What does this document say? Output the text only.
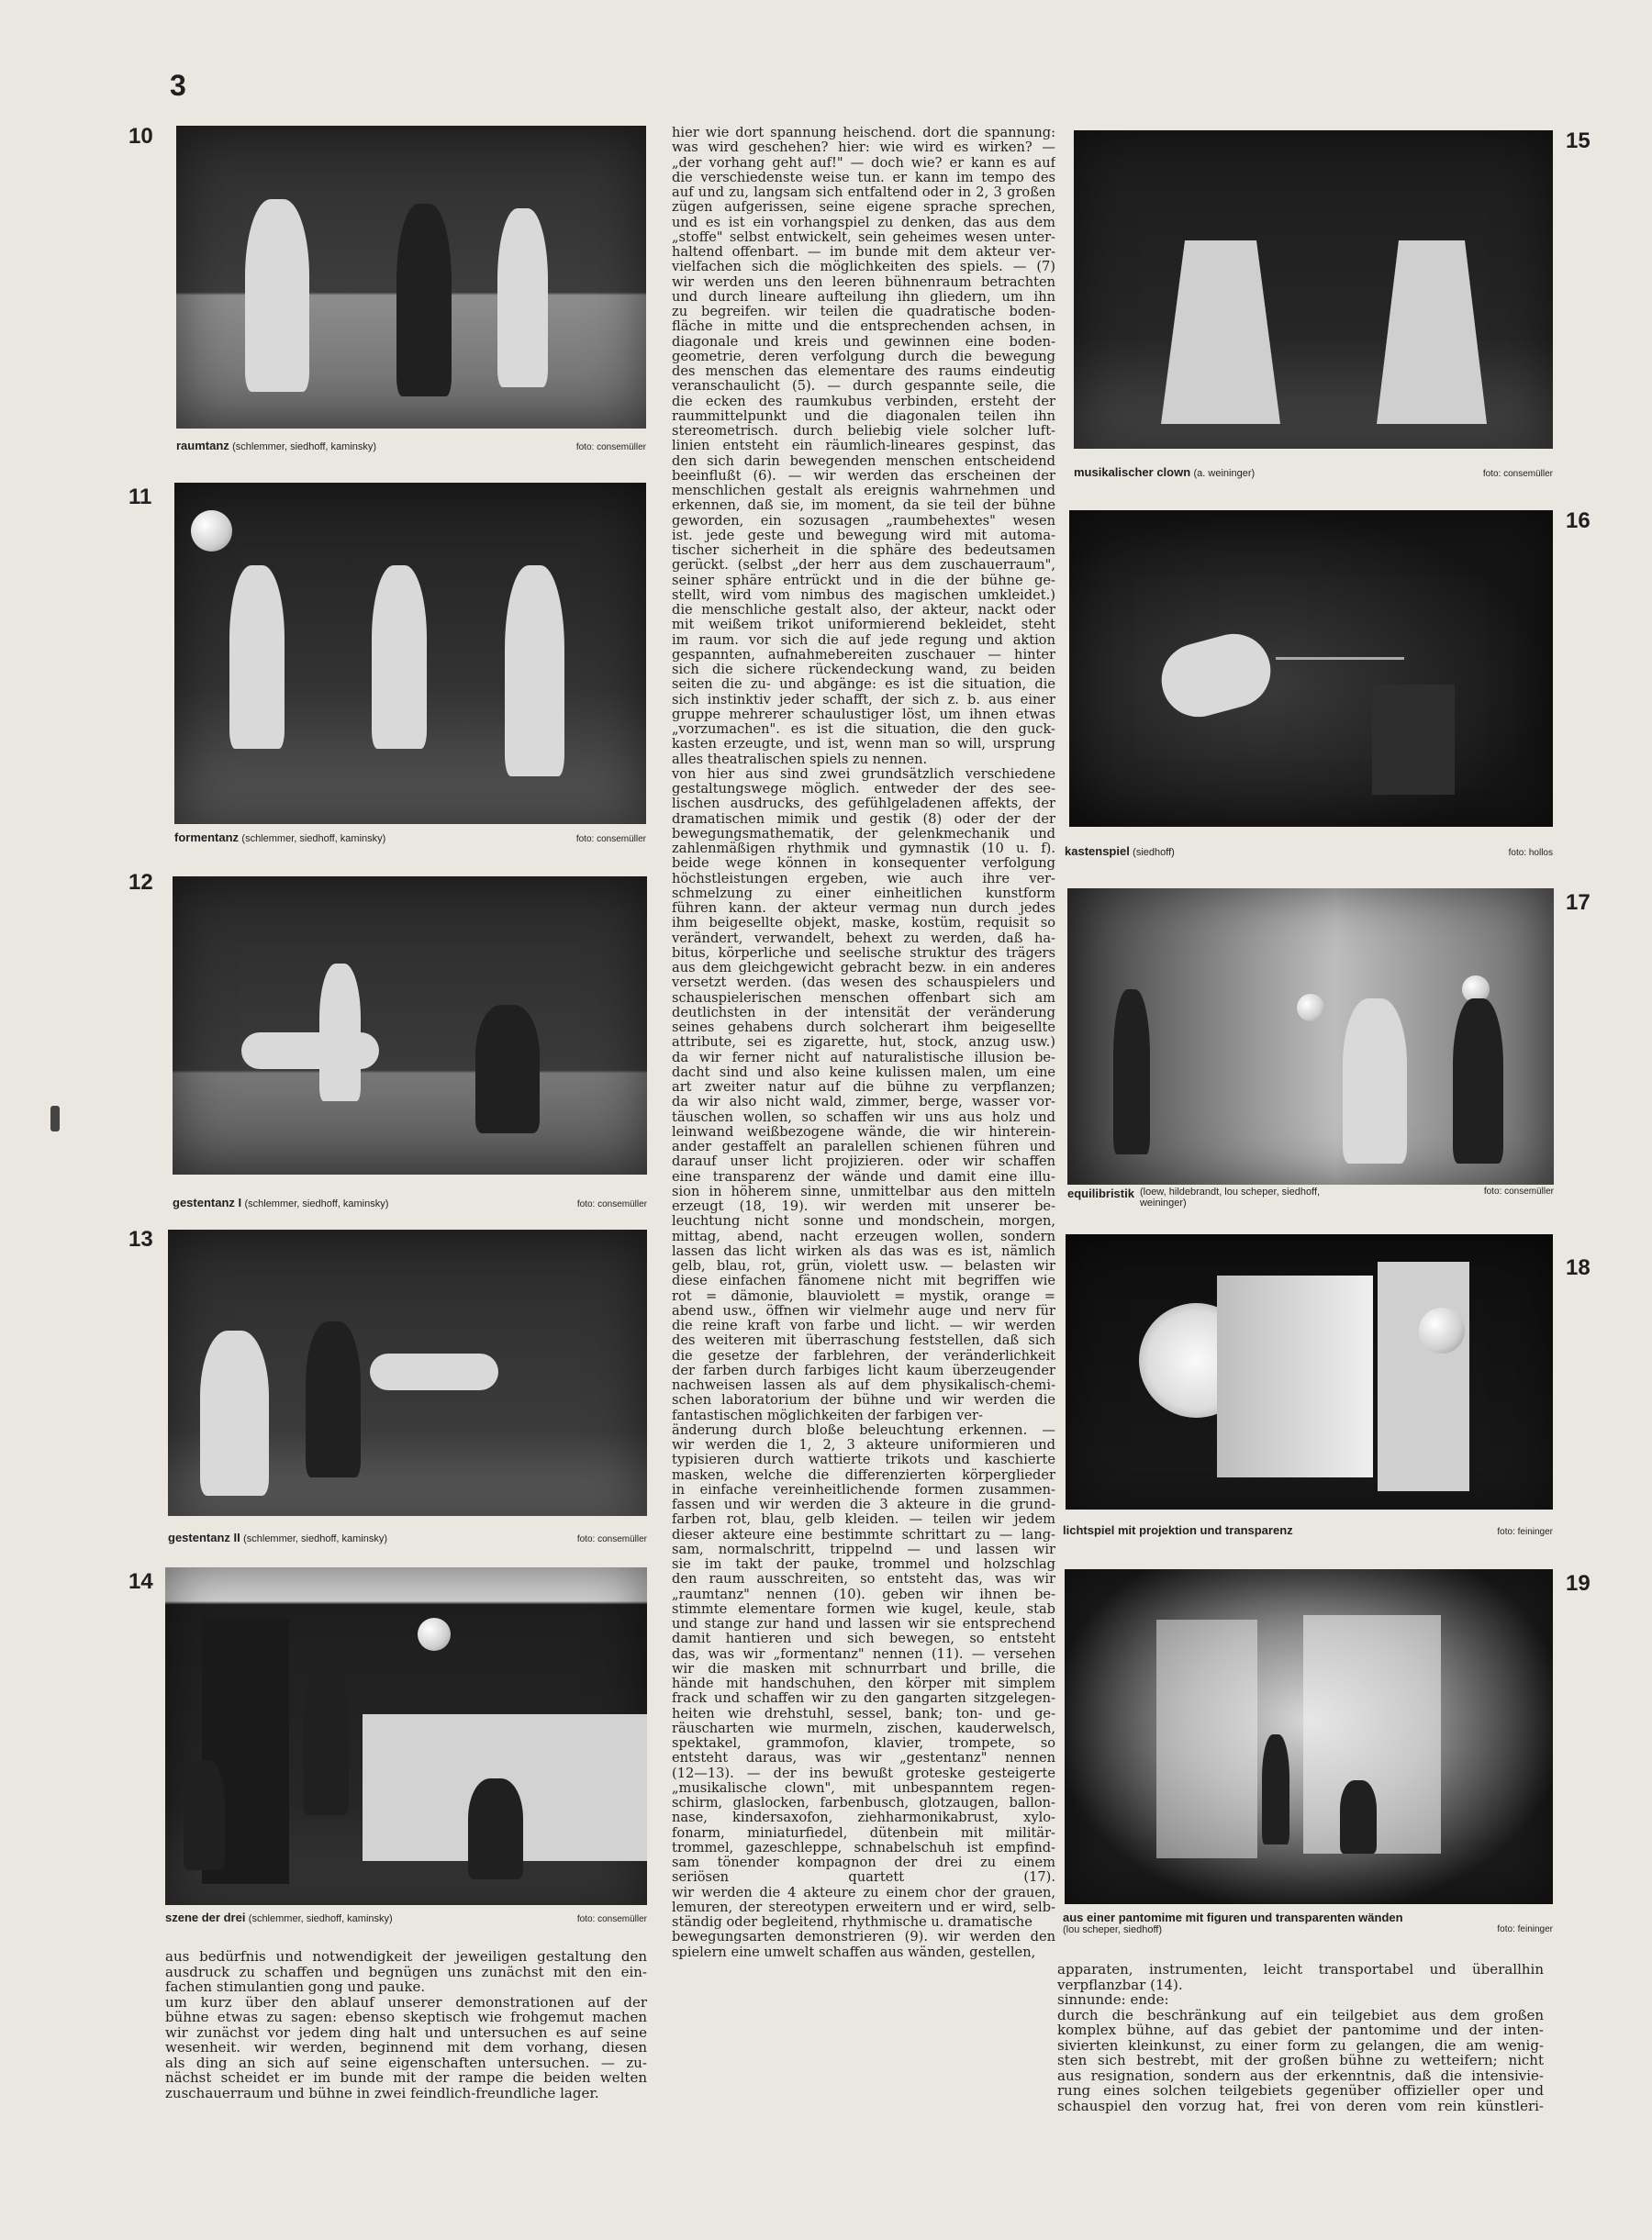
3
10
raumtanz (schlemmer, siedhoff, kaminsky)	foto: consemüller
11
formentanz (schlemmer, siedhoff, kaminsky)	foto: consemüller
12
gestentanz I (schlemmer, siedhoff, kaminsky)	foto: consemüller
13
gestentanz II (schlemmer, siedhoff, kaminsky)	foto: consemüller
14
szene der drei (schlemmer, siedhoff, kaminsky)	foto: consemüller
15
musikalischer clown (a. weininger)	foto: consemüller
16
kastenspiel (siedhoff)	foto: hollos
17
equilibristik (loew, hildebrandt, lou scheper, siedhoff, weininger)
foto: consemüller
18
lichtspiel mit projektion und transparenz	foto: feininger
19
aus einer pantomime mit figuren und transparenten wänden
(lou scheper, siedhoff)	foto: feininger

hier wie dort spannung heischend. dort die spannung:

was wird geschehen? hier: wie wird es wirken? —

„der vorhang geht auf!" — doch wie? er kann es auf

die verschiedenste weise tun. er kann im tempo des

auf und zu, langsam sich entfaltend oder in 2, 3 großen

zügen aufgerissen, seine eigene sprache sprechen,

und es ist ein vorhangspiel zu denken, das aus dem

„stoffe" selbst entwickelt, sein geheimes wesen unter-

haltend offenbart. — im bunde mit dem akteur ver-

vielfachen sich die möglichkeiten des spiels. — (7)

wir werden uns den leeren bühnenraum betrachten

und durch lineare aufteilung ihn gliedern, um ihn

zu begreifen. wir teilen die quadratische boden-

fläche in mitte und die entsprechenden achsen, in

diagonale und kreis und gewinnen eine boden-

geometrie, deren verfolgung durch die bewegung

des menschen das elementare des raums eindeutig

veranschaulicht (5). — durch gespannte seile, die

die ecken des raumkubus verbinden, ersteht der

raummittelpunkt und die diagonalen teilen ihn

stereometrisch. durch beliebig viele solcher luft-

linien entsteht ein räumlich-lineares gespinst, das

den sich darin bewegenden menschen entscheidend

beeinflußt (6). — wir werden das erscheinen der

menschlichen gestalt als ereignis wahrnehmen und

erkennen, daß sie, im moment, da sie teil der bühne

geworden, ein sozusagen „raumbehextes" wesen

ist. jede geste und bewegung wird mit automa-

tischer sicherheit in die sphäre des bedeutsamen

gerückt. (selbst „der herr aus dem zuschauerraum",

seiner sphäre entrückt und in die der bühne ge-

stellt, wird vom nimbus des magischen umkleidet.)

die menschliche gestalt also, der akteur, nackt oder

mit weißem trikot uniformierend bekleidet, steht

im raum. vor sich die auf jede regung und aktion

gespannten, aufnahmebereiten zuschauer — hinter

sich die sichere rückendeckung wand, zu beiden

seiten die zu- und abgänge: es ist die situation, die

sich instinktiv jeder schafft, der sich z. b. aus einer

gruppe mehrerer schaulustiger löst, um ihnen etwas

„vorzumachen". es ist die situation, die den guck-

kasten erzeugte, und ist, wenn man so will, ursprung

alles theatralischen spiels zu nennen.

von hier aus sind zwei grundsätzlich verschiedene

gestaltungswege möglich. entweder der des see-

lischen ausdrucks, des gefühlgeladenen affekts, der

dramatischen mimik und gestik (8) oder der der

bewegungsmathematik, der gelenkmechanik und

zahlenmäßigen rhythmik und gymnastik (10 u. f).

beide wege können in konsequenter verfolgung

höchstleistungen ergeben, wie auch ihre ver-

schmelzung zu einer einheitlichen kunstform

führen kann. der akteur vermag nun durch jedes

ihm beigesellte objekt, maske, kostüm, requisit so

verändert, verwandelt, behext zu werden, daß ha-

bitus, körperliche und seelische struktur des trägers

aus dem gleichgewicht gebracht bezw. in ein anderes

versetzt werden. (das wesen des schauspielers und

schauspielerischen menschen offenbart sich am

deutlichsten in der intensität der veränderung

seines gehabens durch solcherart ihm beigesellte

attribute, sei es zigarette, hut, stock, anzug usw.)

da wir ferner nicht auf naturalistische illusion be-

dacht sind und also keine kulissen malen, um eine

art zweiter natur auf die bühne zu verpflanzen;

da wir also nicht wald, zimmer, berge, wasser vor-

täuschen wollen, so schaffen wir uns aus holz und

leinwand weißbezogene wände, die wir hinterein-

ander gestaffelt an paralellen schienen führen und

darauf unser licht projizieren. oder wir schaffen

eine transparenz der wände und damit eine illu-

sion in höherem sinne, unmittelbar aus den mitteln

erzeugt (18, 19). wir werden mit unserer be-

leuchtung nicht sonne und mondschein, morgen,

mittag, abend, nacht erzeugen wollen, sondern

lassen das licht wirken als das was es ist, nämlich

gelb, blau, rot, grün, violett usw. — belasten wir

diese einfachen fänomene nicht mit begriffen wie

rot = dämonie, blauviolett = mystik, orange =

abend usw., öffnen wir vielmehr auge und nerv für

die reine kraft von farbe und licht. — wir werden

des weiteren mit überraschung feststellen, daß sich

die gesetze der farblehren, der veränderlichkeit

der farben durch farbiges licht kaum überzeugender

nachweisen lassen als auf dem physikalisch-chemi-

schen laboratorium der bühne und wir werden die

fantastischen möglichkeiten der farbigen ver-

änderung durch bloße beleuchtung erkennen. —

wir werden die 1, 2, 3 akteure uniformieren und

typisieren durch wattierte trikots und kaschierte

masken, welche die differenzierten körperglieder

in einfache vereinheitlichende formen zusammen-

fassen und wir werden die 3 akteure in die grund-

farben rot, blau, gelb kleiden. — teilen wir jedem

dieser akteure eine bestimmte schrittart zu — lang-

sam, normalschritt, trippelnd — und lassen wir

sie im takt der pauke, trommel und holzschlag

den raum ausschreiten, so entsteht das, was wir

„raumtanz" nennen (10). geben wir ihnen be-

stimmte elementare formen wie kugel, keule, stab

und stange zur hand und lassen wir sie entsprechend

damit hantieren und sich bewegen, so entsteht

das, was wir „formentanz" nennen (11). — versehen

wir die masken mit schnurrbart und brille, die

hände mit handschuhen, den körper mit simplem

frack und schaffen wir zu den gangarten sitzgelegen-

heiten wie drehstuhl, sessel, bank; ton- und ge-

räuscharten wie murmeln, zischen, kauderwelsch,

spektakel, grammofon, klavier, trompete, so

entsteht daraus, was wir „gestentanz" nennen

(12—13). — der ins bewußt groteske gesteigerte

„musikalische clown", mit unbespanntem regen-

schirm, glaslocken, farbenbusch, glotzaugen, ballon-

nase, kindersaxofon, ziehharmonikabrust, xylo-

fonarm, miniaturfiedel, dütenbein mit militär-

trommel, gazeschleppe, schnabelschuh ist empfind-

sam tönender kompagnon der drei zu einem

seriösen quartett (17).

wir werden die 4 akteure zu einem chor der grauen,

lemuren, der stereotypen erweitern und er wird, selb-

ständig oder begleitend, rhythmische u. dramatische

bewegungsarten demonstrieren (9). wir werden den

spielern eine umwelt schaffen aus wänden, gestellen,

aus bedürfnis und notwendigkeit der jeweiligen gestaltung den

ausdruck zu schaffen und begnügen uns zunächst mit den ein-

fachen stimulantien gong und pauke.

um kurz über den ablauf unserer demonstrationen auf der

bühne etwas zu sagen: ebenso skeptisch wie frohgemut machen

wir zunächst vor jedem ding halt und untersuchen es auf seine

wesenheit. wir werden, beginnend mit dem vorhang, diesen

als ding an sich auf seine eigenschaften untersuchen. — zu-

nächst scheidet er im bunde mit der rampe die beiden welten

zuschauerraum und bühne in zwei feindlich-freundliche lager.

apparaten, instrumenten, leicht transportabel und überallhin

verpflanzbar (14).

sinnunde: ende:

durch die beschränkung auf ein teilgebiet aus dem großen

komplex bühne, auf das gebiet der pantomime und der inten-

sivierten kleinkunst, zu einer form zu gelangen, die am wenig-

sten sich bestrebt, mit der großen bühne zu wetteifern; nicht

aus resignation, sondern aus der erkenntnis, daß die intensivie-

rung eines solchen teilgebiets gegenüber offizieller oper und

schauspiel den vorzug hat, frei von deren vom rein künstleri-
